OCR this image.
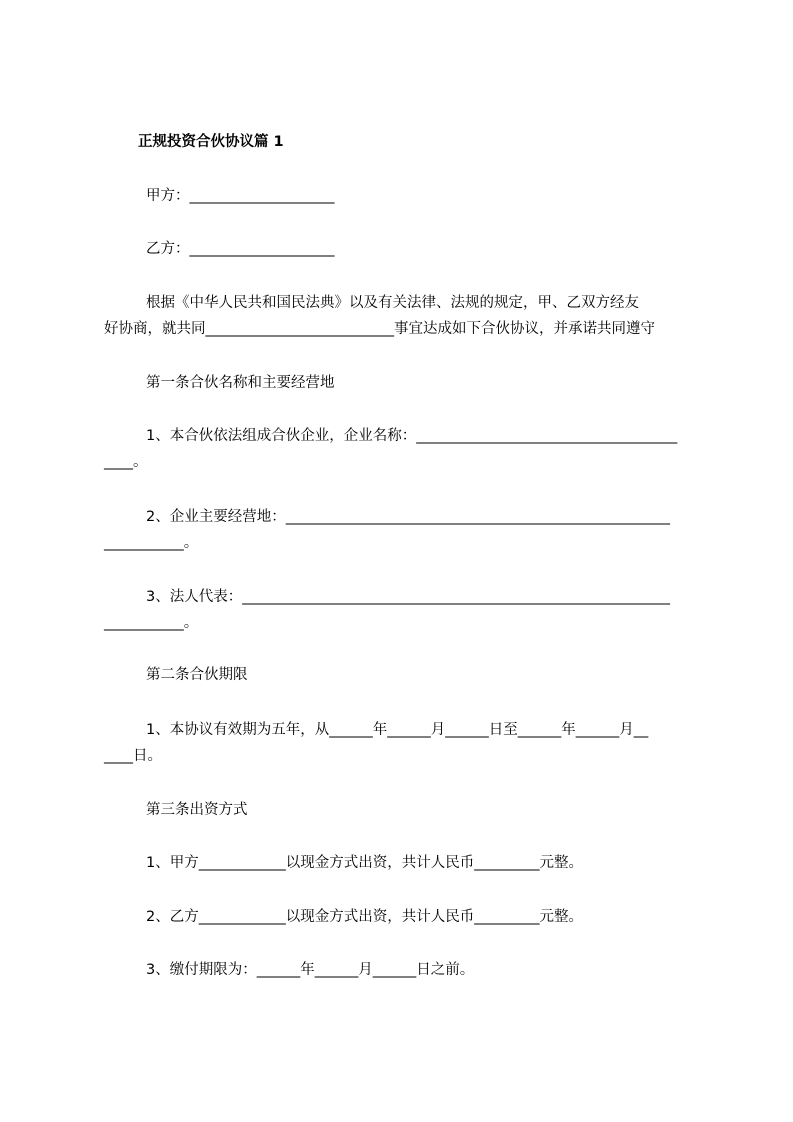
正规投资合伙协议篇 1
甲方：____________________
乙方：____________________
根据《中华人民共和国民法典》以及有关法律、法规的规定，甲、乙双方经友
好协商，就共同__________________________事宜达成如下合伙协议，并承诺共同遵守
第一条合伙名称和主要经营地
1、本合伙依法组成合伙企业，企业名称：____________________________________
____。
2、企业主要经营地：_____________________________________________________
___________。
3、法人代表：___________________________________________________________
___________。
第二条合伙期限
1、本协议有效期为五年，从______年______月______日至______年______月__
____日。
第三条出资方式
1、甲方____________以现金方式出资，共计人民币_________元整。
2、乙方____________以现金方式出资，共计人民币_________元整。
3、缴付期限为：______年______月______日之前。
